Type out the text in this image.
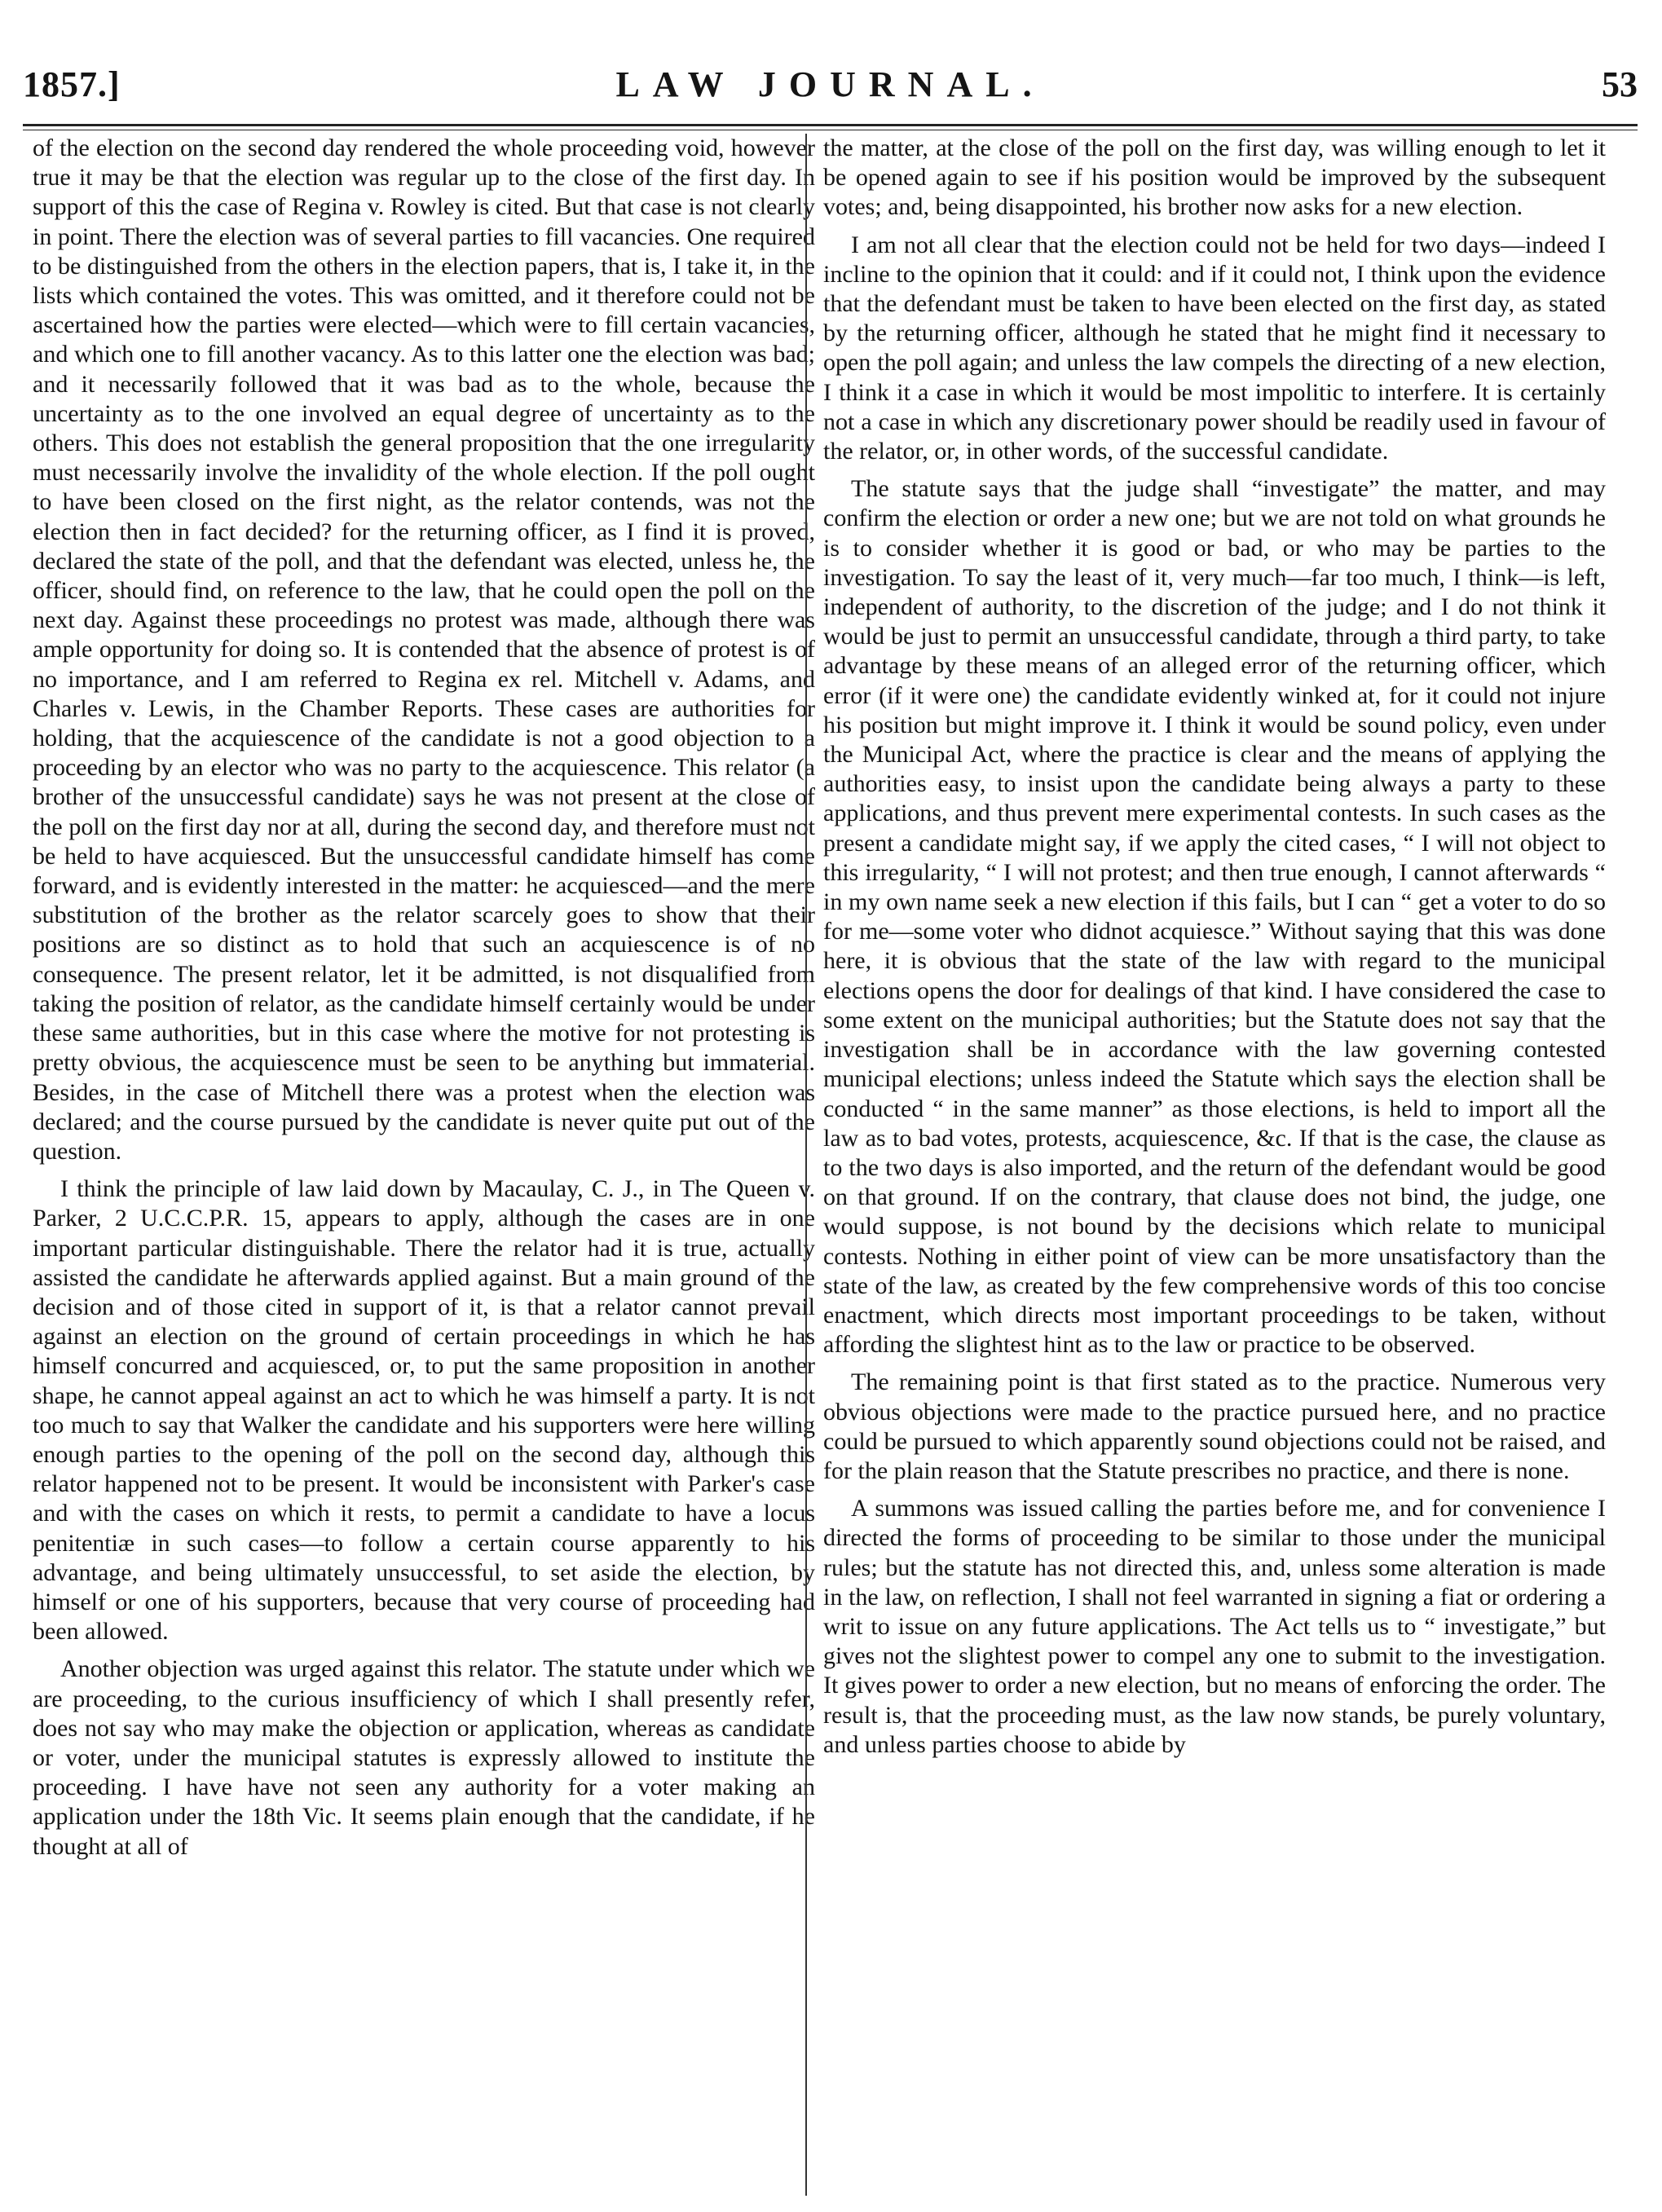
1857.]	LAW JOURNAL.	53

of the election on the second day rendered the whole proceeding void, however true it may be that the election was regular up to the close of the first day. In support of this the case of Regina v. Rowley is cited. But that case is not clearly in point. There the election was of several parties to fill vacancies. One required to be distinguished from the others in the election papers, that is, I take it, in the lists which contained the votes. This was omitted, and it therefore could not be ascertained how the parties were elected—which were to fill certain vacancies, and which one to fill another vacancy. As to this latter one the election was bad; and it necessarily followed that it was bad as to the whole, because the uncertainty as to the one involved an equal degree of uncertainty as to the others. This does not establish the general proposition that the one irregularity must necessarily involve the invalidity of the whole election. If the poll ought to have been closed on the first night, as the relator contends, was not the election then in fact decided? for the returning officer, as I find it is proved, declared the state of the poll, and that the defendant was elected, unless he, the officer, should find, on reference to the law, that he could open the poll on the next day. Against these proceedings no protest was made, although there was ample opportunity for doing so. It is contended that the absence of protest is of no importance, and I am referred to Regina ex rel. Mitchell v. Adams, and Charles v. Lewis, in the Chamber Reports. These cases are authorities for holding, that the acquiescence of the candidate is not a good objection to a proceeding by an elector who was no party to the acquiescence. This relator (a brother of the unsuccessful candidate) says he was not present at the close of the poll on the first day nor at all, during the second day, and therefore must not be held to have acquiesced. But the unsuccessful candidate himself has come forward, and is evidently interested in the matter: he acquiesced—and the mere substitution of the brother as the relator scarcely goes to show that their positions are so distinct as to hold that such an acquiescence is of no consequence. The present relator, let it be admitted, is not disqualified from taking the position of relator, as the candidate himself certainly would be under these same authorities, but in this case where the motive for not protesting is pretty obvious, the acquiescence must be seen to be anything but immaterial. Besides, in the case of Mitchell there was a protest when the election was declared; and the course pursued by the candidate is never quite put out of the question.

I think the principle of law laid down by Macaulay, C. J., in The Queen v. Parker, 2 U.C.C.P.R. 15, appears to apply, although the cases are in one important particular distinguishable. There the relator had it is true, actually assisted the candidate he afterwards applied against. But a main ground of the decision and of those cited in support of it, is that a relator cannot prevail against an election on the ground of certain proceedings in which he has himself concurred and acquiesced, or, to put the same proposition in another shape, he cannot appeal against an act to which he was himself a party. It is not too much to say that Walker the candidate and his supporters were here willing enough parties to the opening of the poll on the second day, although this relator happened not to be present. It would be inconsistent with Parker's case and with the cases on which it rests, to permit a candidate to have a locus penitentiæ in such cases—to follow a certain course apparently to his advantage, and being ultimately unsuccessful, to set aside the election, by himself or one of his supporters, because that very course of proceeding had been allowed.

Another objection was urged against this relator. The statute under which we are proceeding, to the curious insufficiency of which I shall presently refer, does not say who may make the objection or application, whereas as candidate or voter, under the municipal statutes is expressly allowed to institute the proceeding. I have have not seen any authority for a voter making an application under the 18th Vic. It seems plain enough that the candidate, if he thought at all of

the matter, at the close of the poll on the first day, was willing enough to let it be opened again to see if his position would be improved by the subsequent votes; and, being disappointed, his brother now asks for a new election.

I am not all clear that the election could not be held for two days—indeed I incline to the opinion that it could: and if it could not, I think upon the evidence that the defendant must be taken to have been elected on the first day, as stated by the returning officer, although he stated that he might find it necessary to open the poll again; and unless the law compels the directing of a new election, I think it a case in which it would be most impolitic to interfere. It is certainly not a case in which any discretionary power should be readily used in favour of the relator, or, in other words, of the successful candidate.

The statute says that the judge shall “investigate” the matter, and may confirm the election or order a new one; but we are not told on what grounds he is to consider whether it is good or bad, or who may be parties to the investigation. To say the least of it, very much—far too much, I think—is left, independent of authority, to the discretion of the judge; and I do not think it would be just to permit an unsuccessful candidate, through a third party, to take advantage by these means of an alleged error of the returning officer, which error (if it were one) the candidate evidently winked at, for it could not injure his position but might improve it. I think it would be sound policy, even under the Municipal Act, where the practice is clear and the means of applying the authorities easy, to insist upon the candidate being always a party to these applications, and thus prevent mere experimental contests. In such cases as the present a candidate might say, if we apply the cited cases, “ I will not object to this irregularity, “ I will not protest; and then true enough, I cannot afterwards “ in my own name seek a new election if this fails, but I can “ get a voter to do so for me—some voter who didnot acquiesce.” Without saying that this was done here, it is obvious that the state of the law with regard to the municipal elections opens the door for dealings of that kind. I have considered the case to some extent on the municipal authorities; but the Statute does not say that the investigation shall be in accordance with the law governing contested municipal elections; unless indeed the Statute which says the election shall be conducted “ in the same manner” as those elections, is held to import all the law as to bad votes, protests, acquiescence, &c. If that is the case, the clause as to the two days is also imported, and the return of the defendant would be good on that ground. If on the contrary, that clause does not bind, the judge, one would suppose, is not bound by the decisions which relate to municipal contests. Nothing in either point of view can be more unsatisfactory than the state of the law, as created by the few comprehensive words of this too concise enactment, which directs most important proceedings to be taken, without affording the slightest hint as to the law or practice to be observed.

The remaining point is that first stated as to the practice. Numerous very obvious objections were made to the practice pursued here, and no practice could be pursued to which apparently sound objections could not be raised, and for the plain reason that the Statute prescribes no practice, and there is none.

A summons was issued calling the parties before me, and for convenience I directed the forms of proceeding to be similar to those under the municipal rules; but the statute has not directed this, and, unless some alteration is made in the law, on reflection, I shall not feel warranted in signing a fiat or ordering a writ to issue on any future applications. The Act tells us to “ investigate,” but gives not the slightest power to compel any one to submit to the investigation. It gives power to order a new election, but no means of enforcing the order. The result is, that the proceeding must, as the law now stands, be purely voluntary, and unless parties choose to abide by
